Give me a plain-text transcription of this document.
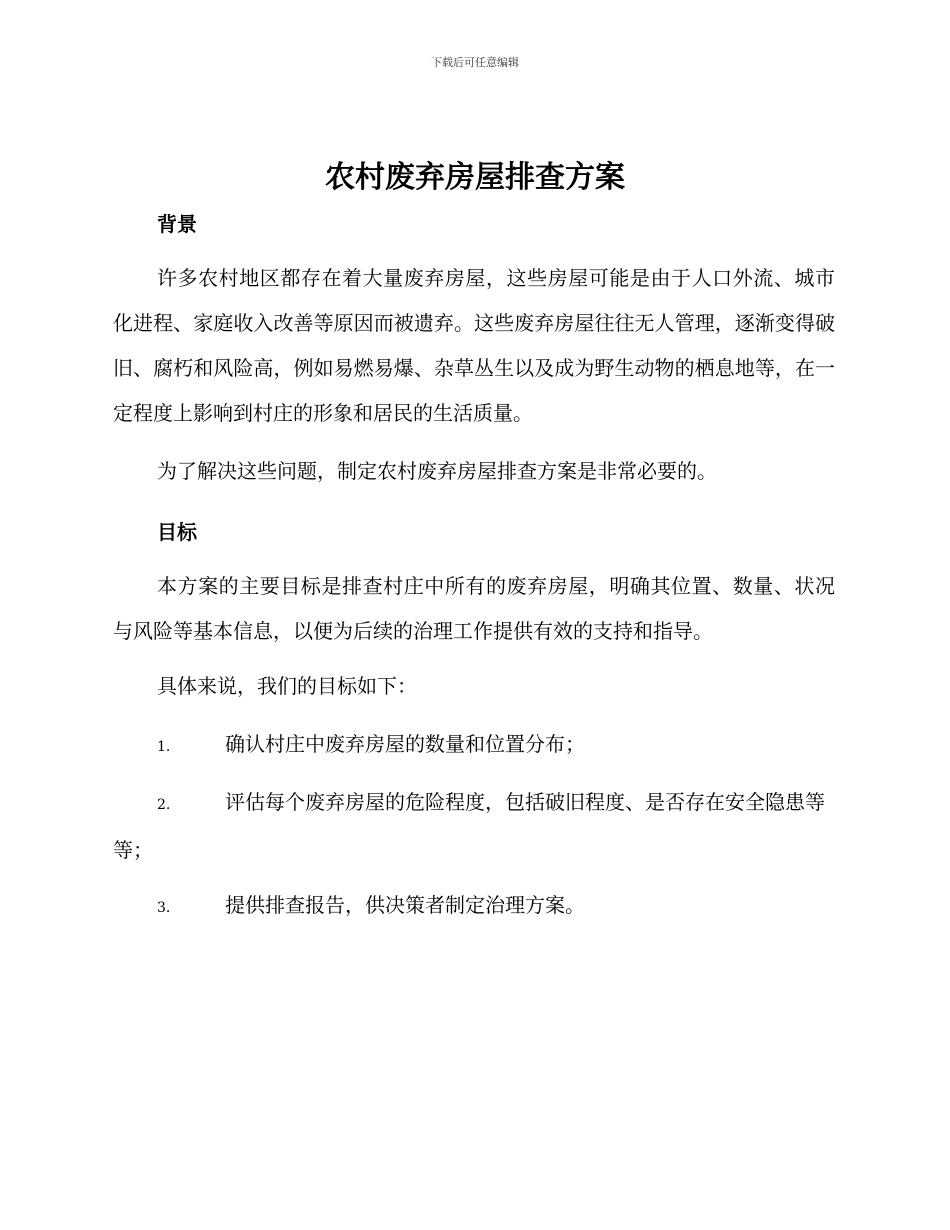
下载后可任意编辑
农村废弃房屋排查方案
背景

许多农村地区都存在着大量废弃房屋，这些房屋可能是由于人口外流、城市化进程、家庭收入改善等原因而被遗弃。这些废弃房屋往往无人管理，逐渐变得破旧、腐朽和风险高，例如易燃易爆、杂草丛生以及成为野生动物的栖息地等，在一定程度上影响到村庄的形象和居民的生活质量。

为了解决这些问题，制定农村废弃房屋排查方案是非常必要的。

目标

本方案的主要目标是排查村庄中所有的废弃房屋，明确其位置、数量、状况与风险等基本信息，以便为后续的治理工作提供有效的支持和指导。

具体来说，我们的目标如下：

1.	确认村庄中废弃房屋的数量和位置分布；
2.	评估每个废弃房屋的危险程度，包括破旧程度、是否存在安全隐患等等；
3.	提供排查报告，供决策者制定治理方案。
